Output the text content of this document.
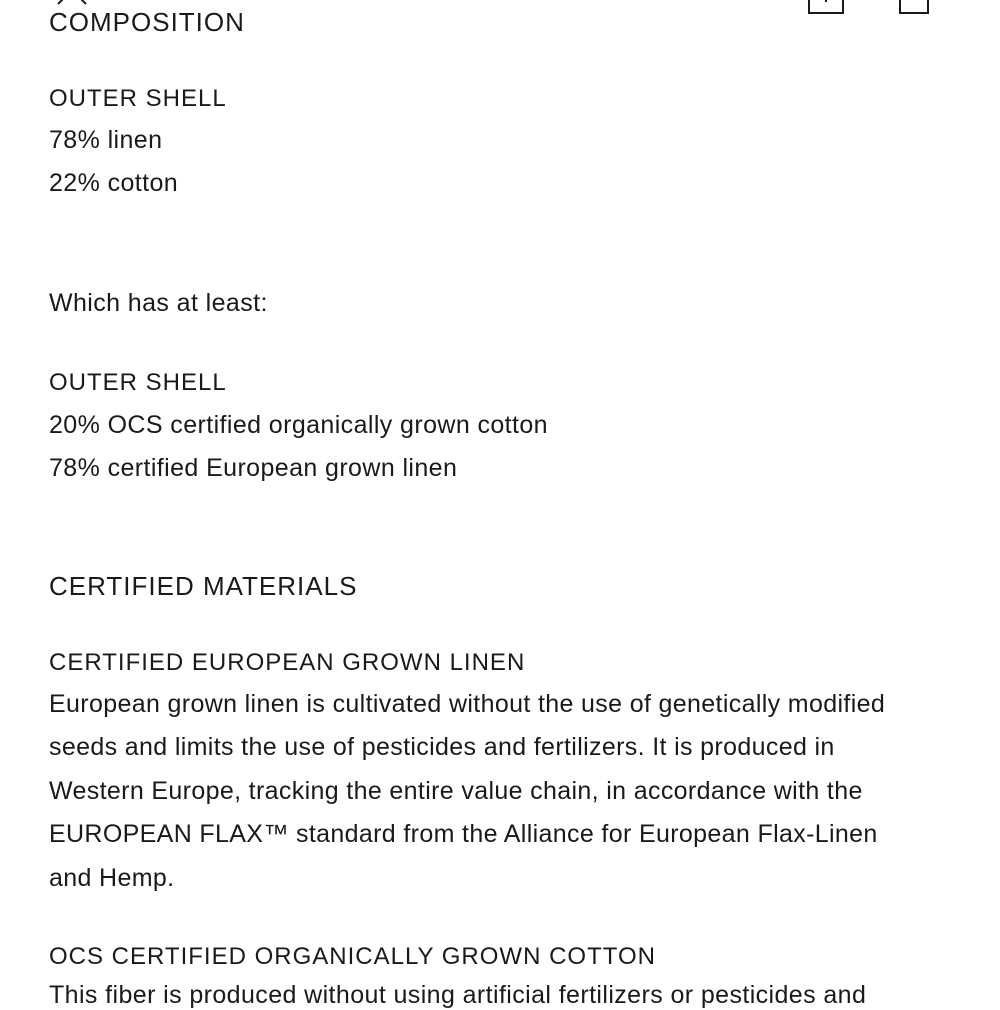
COMPOSITION
OUTER SHELL
78% linen
22% cotton
Which has at least:
OUTER SHELL
20% OCS certified organically grown cotton
78% certified European grown linen
CERTIFIED MATERIALS
CERTIFIED EUROPEAN GROWN LINEN
European grown linen is cultivated without the use of genetically modified
seeds and limits the use of pesticides and fertilizers. It is produced in
Western Europe, tracking the entire value chain, in accordance with the
EUROPEAN FLAX™ standard from the Alliance for European Flax-Linen
and Hemp.
OCS CERTIFIED ORGANICALLY GROWN COTTON
This fiber is produced without using artificial fertilizers or pesticides and
